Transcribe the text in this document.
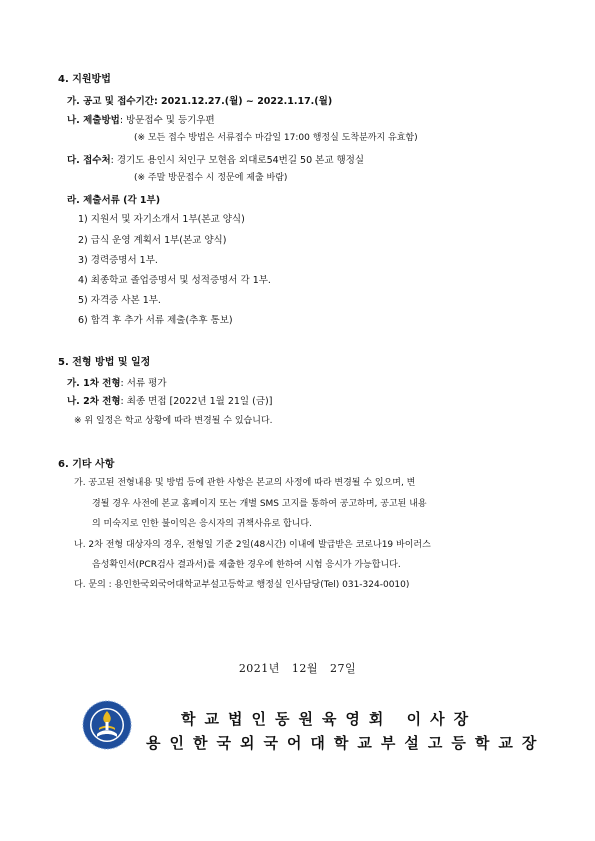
4. 지원방법
가. 공고 및 접수기간: 2021.12.27.(월) ~ 2022.1.17.(월)
나. 제출방법: 방문접수 및 등기우편
(※ 모든 접수 방법은 서류접수 마감일 17:00 행정실 도착분까지 유효함)
다. 접수처: 경기도 용인시 처인구 모현읍 외대로54번길 50 본교 행정실
(※ 주말 방문접수 시 정문에 제출 바람)
라. 제출서류 (각 1부)
1) 지원서 및 자기소개서 1부(본교 양식)
2) 급식 운영 계획서 1부(본교 양식)
3) 경력증명서 1부.
4) 최종학교 졸업증명서 및 성적증명서 각 1부.
5) 자격증 사본 1부.
6) 합격 후 추가 서류 제출(추후 통보)
5. 전형 방법 및 일정
가. 1차 전형: 서류 평가
나. 2차 전형: 최종 면접 [2022년 1월 21일 (금)]
※ 위 일정은 학교 상황에 따라 변경될 수 있습니다.
6. 기타 사항
가. 공고된 전형내용 및 방법 등에 관한 사항은 본교의 사정에 따라 변경될 수 있으며, 변
경될 경우 사전에 본교 홈페이지 또는 개별 SMS 고지를 통하여 공고하며, 공고된 내용
의 미숙지로 인한 불이익은 응시자의 귀책사유로 합니다.
나. 2차 전형 대상자의 경우, 전형일 기준 2일(48시간) 이내에 발급받은 코로나19 바이러스
음성확인서(PCR검사 결과서)를 제출한 경우에 한하여 시험 응시가 가능합니다.
다. 문의 : 용인한국외국어대학교부설고등학교 행정실 인사담당(Tel) 031-324-0010)
2021년   12월   27일
학교법인동원육영회 이사장
용인한국외국어대학교부설고등학교장
